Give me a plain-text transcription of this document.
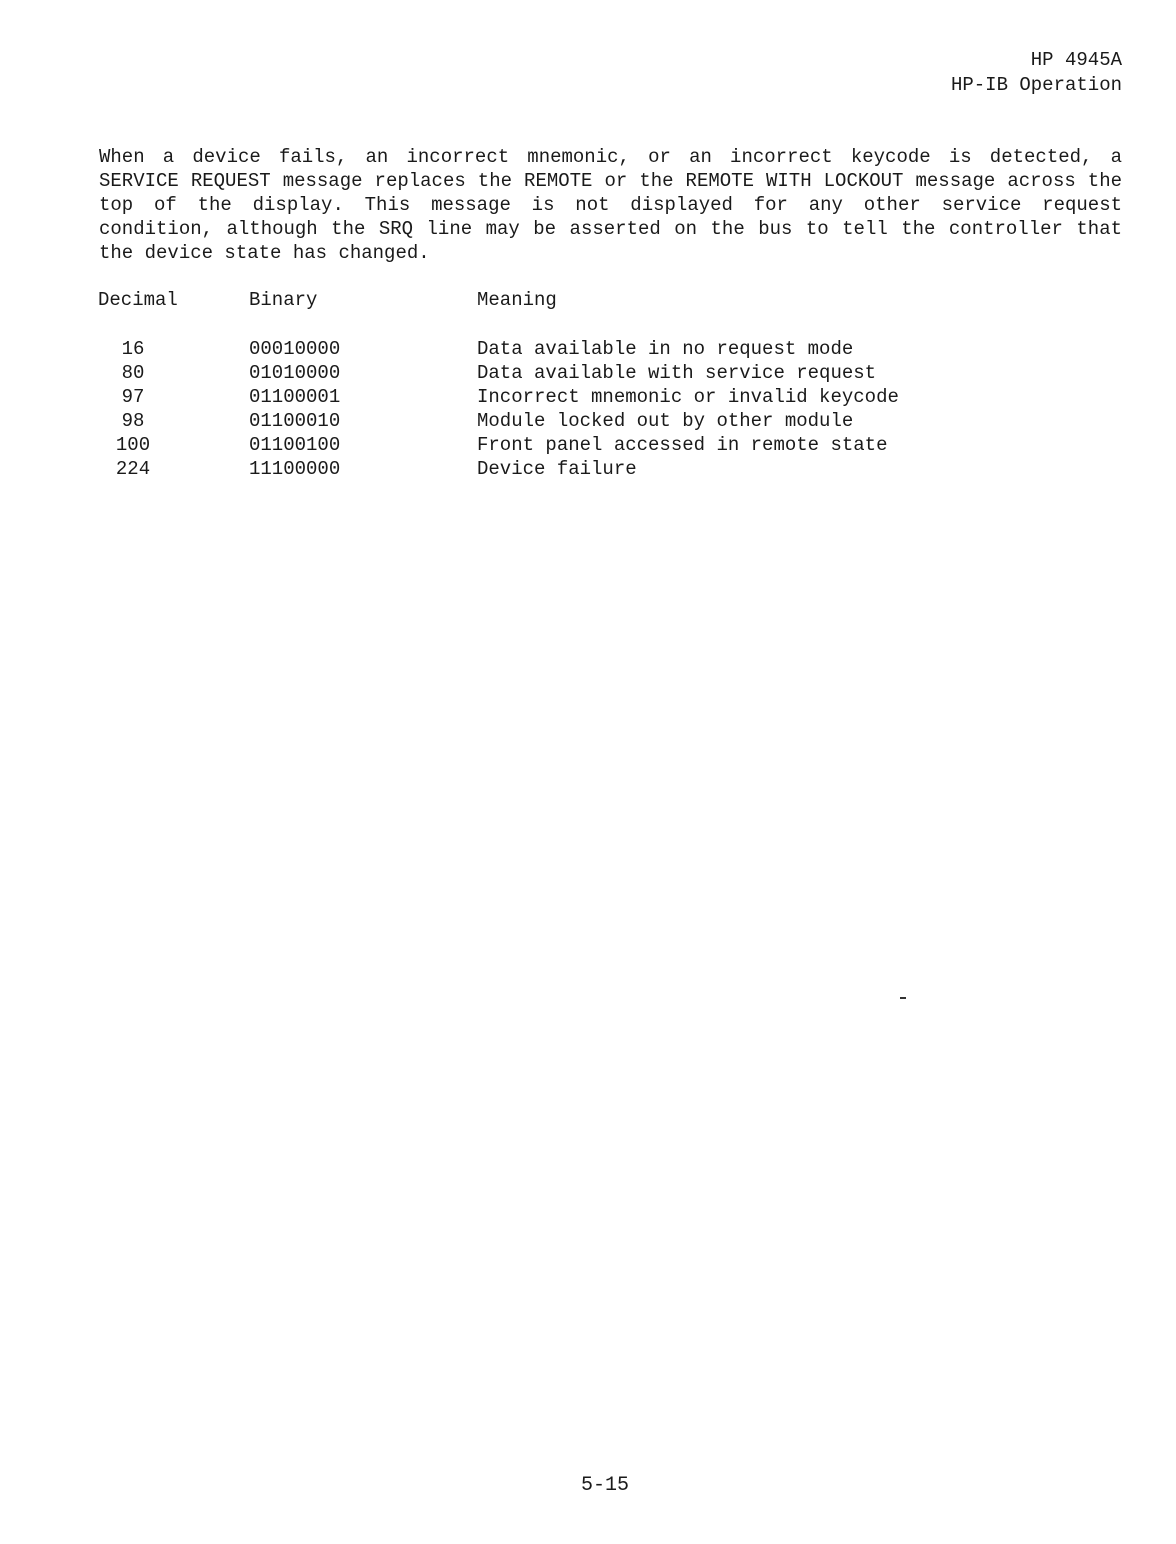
HP 4945A
HP-IB Operation

When a device fails, an incorrect mnemonic, or an incorrect keycode is detected, a SERVICE REQUEST message replaces the REMOTE or the REMOTE WITH LOCKOUT message across the top of the display. This message is not displayed for any other service request condition, although the SRQ line may be asserted on the bus to tell the controller that the device state has changed.

Decimal	Binary	Meaning
16	00010000	Data available in no request mode
80	01010000	Data available with service request
97	01100001	Incorrect mnemonic or invalid keycode
98	01100010	Module locked out by other module
100	01100100	Front panel accessed in remote state
224	11100000	Device failure
5-15
